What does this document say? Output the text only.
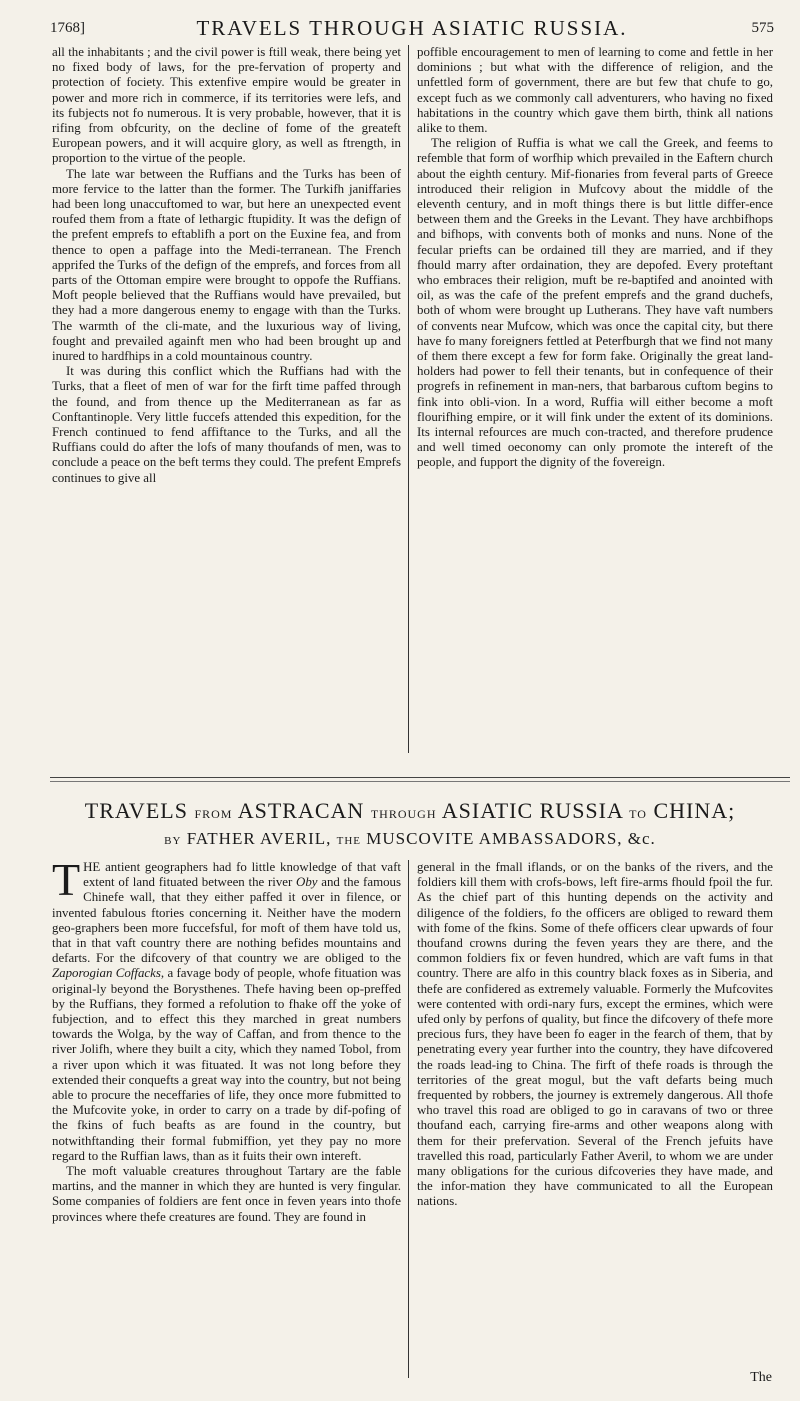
1768]	TRAVELS THROUGH ASIATIC RUSSIA.	575

all the inhabitants ; and the civil power is ftill weak, there being yet no fixed body of laws, for the pre-fervation of property and protection of fociety. This extenfive empire would be greater in power and more rich in commerce, if its territories were lefs, and its fubjects not fo numerous. It is very probable, however, that it is rifing from obfcurity, on the decline of fome of the greateft European powers, and it will acquire glory, as well as ftrength, in proportion to the virtue of the people.

The late war between the Ruffians and the Turks has been of more fervice to the latter than the former. The Turkifh janiffaries had been long unaccuftomed to war, but here an unexpected event roufed them from a ftate of lethargic ftupidity. It was the defign of the prefent emprefs to eftablifh a port on the Euxine fea, and from thence to open a paffage into the Medi-terranean. The French apprifed the Turks of the defign of the emprefs, and forces from all parts of the Ottoman empire were brought to oppofe the Ruffians. Moft people believed that the Ruffians would have prevailed, but they had a more dangerous enemy to engage with than the Turks. The warmth of the cli-mate, and the luxurious way of living, fought and prevailed againft men who had been brought up and inured to hardfhips in a cold mountainous country.

It was during this conflict which the Ruffians had with the Turks, that a fleet of men of war for the firft time paffed through the found, and from thence up the Mediterranean as far as Conftantinople. Very little fuccefs attended this expedition, for the French continued to fend affiftance to the Turks, and all the Ruffians could do after the lofs of many thoufands of men, was to conclude a peace on the beft terms they could. The prefent Emprefs continues to give all

poffible encouragement to men of learning to come and fettle in her dominions ; but what with the difference of religion, and the unfettled form of government, there are but few that chufe to go, except fuch as we commonly call adventurers, who having no fixed habitations in the country which gave them birth, think all nations alike to them.

The religion of Ruffia is what we call the Greek, and feems to refemble that form of worfhip which prevailed in the Eaftern church about the eighth century. Mif-fionaries from feveral parts of Greece introduced their religion in Mufcovy about the middle of the eleventh century, and in moft things there is but little differ-ence between them and the Greeks in the Levant. They have archbifhops and bifhops, with convents both of monks and nuns. None of the fecular priefts can be ordained till they are married, and if they fhould marry after ordaination, they are depofed. Every proteftant who embraces their religion, muft be re-baptifed and anointed with oil, as was the cafe of the prefent emprefs and the grand duchefs, both of whom were brought up Lutherans. They have vaft numbers of convents near Mufcow, which was once the capital city, but there have fo many foreigners fettled at Peterfburgh that we find not many of them there except a few for form fake. Originally the great land-holders had power to fell their tenants, but in confequence of their progrefs in refinement in man-ners, that barbarous cuftom begins to fink into obli-vion. In a word, Ruffia will either become a moft flourifhing empire, or it will fink under the extent of its dominions. Its internal refources are much con-tracted, and therefore prudence and well timed oeconomy can only promote the intereft of the people, and fupport the dignity of the fovereign.

TRAVELS FROM ASTRACAN THROUGH ASIATIC RUSSIA TO CHINA;
BY FATHER AVERIL, THE MUSCOVITE AMBASSADORS, &c.

THE antient geographers had fo little knowledge of that vaft extent of land fituated between the river Oby and the famous Chinefe wall, that they either paffed it over in filence, or invented fabulous ftories concerning it. Neither have the modern geo-graphers been more fuccefsful, for moft of them have told us, that in that vaft country there are nothing befides mountains and defarts. For the difcovery of that country we are obliged to the Zaporogian Coffacks, a favage body of people, whofe fituation was original-ly beyond the Borysthenes. Thefe having been op-preffed by the Ruffians, they formed a refolution to fhake off the yoke of fubjection, and to effect this they marched in great numbers towards the Wolga, by the way of Caffan, and from thence to the river Jolifh, where they built a city, which they named Tobol, from a river upon which it was fituated. It was not long before they extended their conquefts a great way into the country, but not being able to procure the neceffaries of life, they once more fubmitted to the Mufcovite yoke, in order to carry on a trade by dif-pofing of the fkins of fuch beafts as are found in the country, but notwithftanding their formal fubmiffion, yet they pay no more regard to the Ruffian laws, than as it fuits their own intereft.

The moft valuable creatures throughout Tartary are the fable martins, and the manner in which they are hunted is very fingular. Some companies of foldiers are fent once in feven years into thofe provinces where thefe creatures are found. They are found in

general in the fmall iflands, or on the banks of the rivers, and the foldiers kill them with crofs-bows, left fire-arms fhould fpoil the fur. As the chief part of this hunting depends on the activity and diligence of the foldiers, fo the officers are obliged to reward them with fome of the fkins. Some of thefe officers clear upwards of four thoufand crowns during the feven years they are there, and the common foldiers fix or feven hundred, which are vaft fums in that country. There are alfo in this country black foxes as in Siberia, and thefe are confidered as extremely valuable. Formerly the Mufcovites were contented with ordi-nary furs, except the ermines, which were ufed only by perfons of quality, but fince the difcovery of thefe more precious furs, they have been fo eager in the fearch of them, that by penetrating every year further into the country, they have difcovered the roads lead-ing to China. The firft of thefe roads is through the territories of the great mogul, but the vaft defarts being much frequented by robbers, the journey is extremely dangerous. All thofe who travel this road are obliged to go in caravans of two or three thoufand each, carrying fire-arms and other weapons along with them for their prefervation. Several of the French jefuits have travelled this road, particularly Father Averil, to whom we are under many obligations for the curious difcoveries they have made, and the infor-mation they have communicated to all the European nations.

The
